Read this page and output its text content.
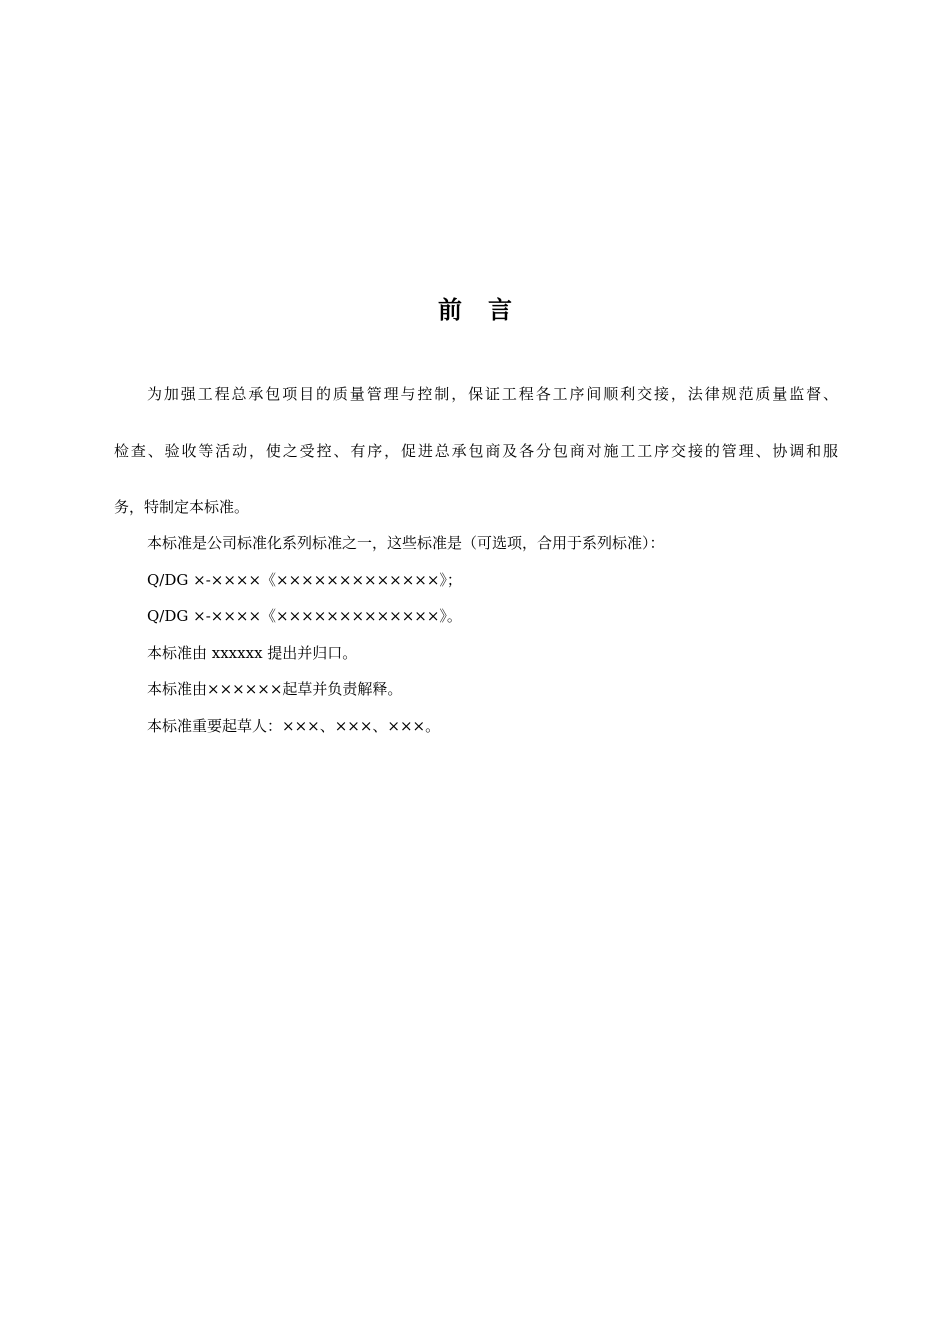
前言
为加强工程总承包项目的质量管理与控制，保证工程各工序间顺利交接，法律规范质量监督、
检查、验收等活动，使之受控、有序，促进总承包商及各分包商对施工工序交接的管理、协调和服
务，特制定本标准。
本标准是公司标准化系列标准之一，这些标准是（可选项，合用于系列标准）：
Q/DG ×-××××《×××××××××××××》；
Q/DG ×-××××《×××××××××××××》。
本标准由 xxxxxx 提出并归口。
本标准由××××××起草并负责解释。
本标准重要起草人：×××、×××、×××。
